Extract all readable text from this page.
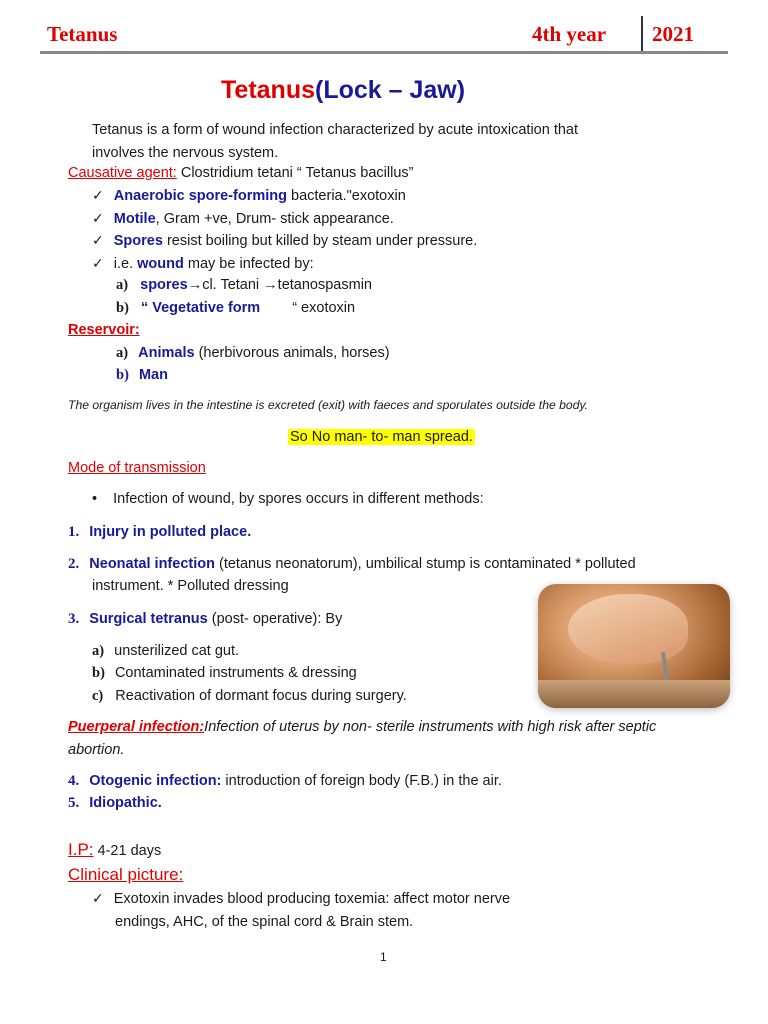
Tetanus	4th year 2021
Tetanus(Lock – Jaw)
Tetanus is a form of wound infection characterized by acute intoxication that
involves the nervous system.
Causative agent: Clostridium tetani “ Tetanus bacillus”
✓ Anaerobic spore-forming bacteria."exotoxin
✓ Motile, Gram +ve, Drum- stick appearance.
✓ Spores resist boiling but killed by steam under pressure.
✓ i.e. wound may be infected by:
a) spores→cl. Tetani →tetanospasmin
b) “ Vegetative form “ exotoxin
Reservoir:
a) Animals (herbivorous animals, horses)
b) Man
The organism lives in the intestine is excreted (exit) with faeces and sporulates outside the body.
So No man- to- man spread.
Mode of transmission
• Infection of wound, by spores occurs in different methods:
1. Injury in polluted place.
2. Neonatal infection (tetanus neonatorum), umbilical stump is contaminated * polluted
instrument. * Polluted dressing
3. Surgical tetranus (post- operative): By
a) unsterilized cat gut.
b) Contaminated instruments & dressing
c) Reactivation of dormant focus during surgery.
Puerperal infection:Infection of uterus by non- sterile instruments with high risk after septic
abortion.
4. Otogenic infection: introduction of foreign body (F.B.) in the air.
5. Idiopathic.
I.P: 4-21 days
Clinical picture:
✓ Exotoxin invades blood producing toxemia: affect motor nerve
endings, AHC, of the spinal cord & Brain stem.
1
